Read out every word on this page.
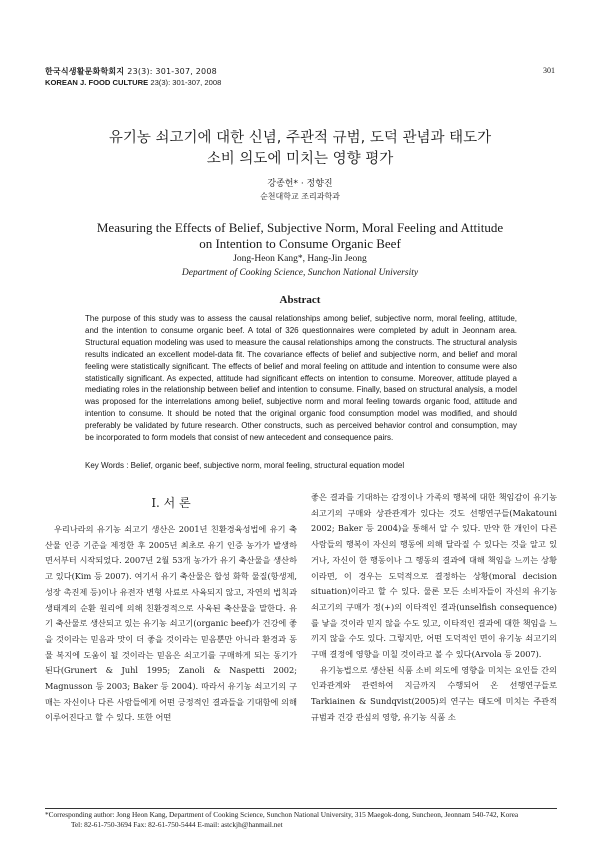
한국식생활문화학회지 23(3): 301-307, 2008
KOREAN J. FOOD CULTURE 23(3): 301-307, 2008
301
유기농 쇠고기에 대한 신념, 주관적 규범, 도덕 관념과 태도가
소비 의도에 미치는 영향 평가
강종헌* · 정향진
순천대학교 조리과학과
Measuring the Effects of Belief, Subjective Norm, Moral Feeling and Attitude
on Intention to Consume Organic Beef
Jong-Heon Kang*, Hang-Jin Jeong
Department of Cooking Science, Sunchon National University
Abstract

The purpose of this study was to assess the causal relationships among belief, subjective norm, moral feeling, attitude, and the intention to consume organic beef. A total of 326 questionnaires were completed by adult in Jeonnam area. Structural equation modeling was used to measure the causal relationships among the constructs. The structural analysis results indicated an excellent model-data fit. The covariance effects of belief and subjective norm, and belief and moral feeling were statistically significant. The effects of belief and moral feeling on attitude and intention to consume were also statistically significant. As expected, attitude had significant effects on intention to consume. Moreover, attitude played a mediating roles in the relationship between belief and intention to consume. Finally, based on structural analysis, a model was proposed for the interrelations among belief, subjective norm and moral feeling towards organic food, attitude and intention to consume. It should be noted that the original organic food consumption model was modified, and should preferably be validated by future research. Other constructs, such as perceived behavior control and consumption, may be incorporated to form models that consist of new antecedent and consequence pairs.

Key Words : Belief, organic beef, subjective norm, moral feeling, structural equation model
I. 서 론

우리나라의 유기농 쇠고기 생산은 2001년 친환경육성법에 유기 축산물 인증 기준을 제정한 후 2005년 최초로 유기 인증 농가가 발생하면서부터 시작되었다. 2007년 2월 53개 농가가 유기 축산물을 생산하고 있다(Kim 등 2007). 여기서 유기 축산물은 합성 화학 물질(항생제, 성장 촉진제 등)이나 유전자 변형 사료로 사육되지 않고, 자연의 법칙과 생태계의 순환 원리에 의해 친환경적으로 사육된 축산물을 말한다. 유기 축산물로 생산되고 있는 유기농 쇠고기(organic beef)가 건강에 좋을 것이라는 믿음과 맛이 더 좋을 것이라는 믿음뿐만 아니라 환경과 동물 복지에 도움이 될 것이라는 믿음은 쇠고기를 구매하게 되는 동기가 된다(Grunert & Juhl 1995; Zanoli & Naspetti 2002; Magnusson 등 2003; Baker 등 2004). 따라서 유기농 쇠고기의 구매는 자신이나 다른 사람들에게 어떤 긍정적인 결과들을 기대함에 의해 이루어진다고 할 수 있다. 또한 어떤

좋은 결과를 기대하는 감정이나 가족의 행복에 대한 책임감이 유기농 쇠고기의 구매와 상관관계가 있다는 것도 선행연구들(Makatouni 2002; Baker 등 2004)을 통해서 알 수 있다. 만약 한 개인이 다른 사람들의 행복이 자신의 행동에 의해 달라질 수 있다는 것을 알고 있거나, 자신이 한 행동이나 그 행동의 결과에 대해 책임을 느끼는 상황이라면, 이 경우는 도덕적으로 결정하는 상황(moral decision situation)이라고 할 수 있다. 물론 모든 소비자들이 자신의 유기농 쇠고기의 구매가 정(+)의 이타적인 결과(unselfish consequence)를 낳을 것이라 믿지 않을 수도 있고, 이타적인 결과에 대한 책임을 느끼지 않을 수도 있다. 그렇지만, 어떤 도덕적인 면이 유기농 쇠고기의 구매 결정에 영향을 미칠 것이라고 볼 수 있다(Arvola 등 2007).

유기농법으로 생산된 식품 소비 의도에 영향을 미치는 요인들 간의 인과관계와 관련하여 지금까지 수행되어 온 선행연구들로 Tarkiainen & Sundqvist(2005)의 연구는 태도에 미치는 주관적 규범과 건강 관심의 영향, 유기농 식품 소

*Corresponding author: Jong Heon Kang, Department of Cooking Science, Sunchon National University, 315 Maegok-dong, Suncheon, Jeonnam 540-742, Korea
Tel: 82-61-750-3694 Fax: 82-61-750-5444 E-mail: astckjh@hanmail.net
